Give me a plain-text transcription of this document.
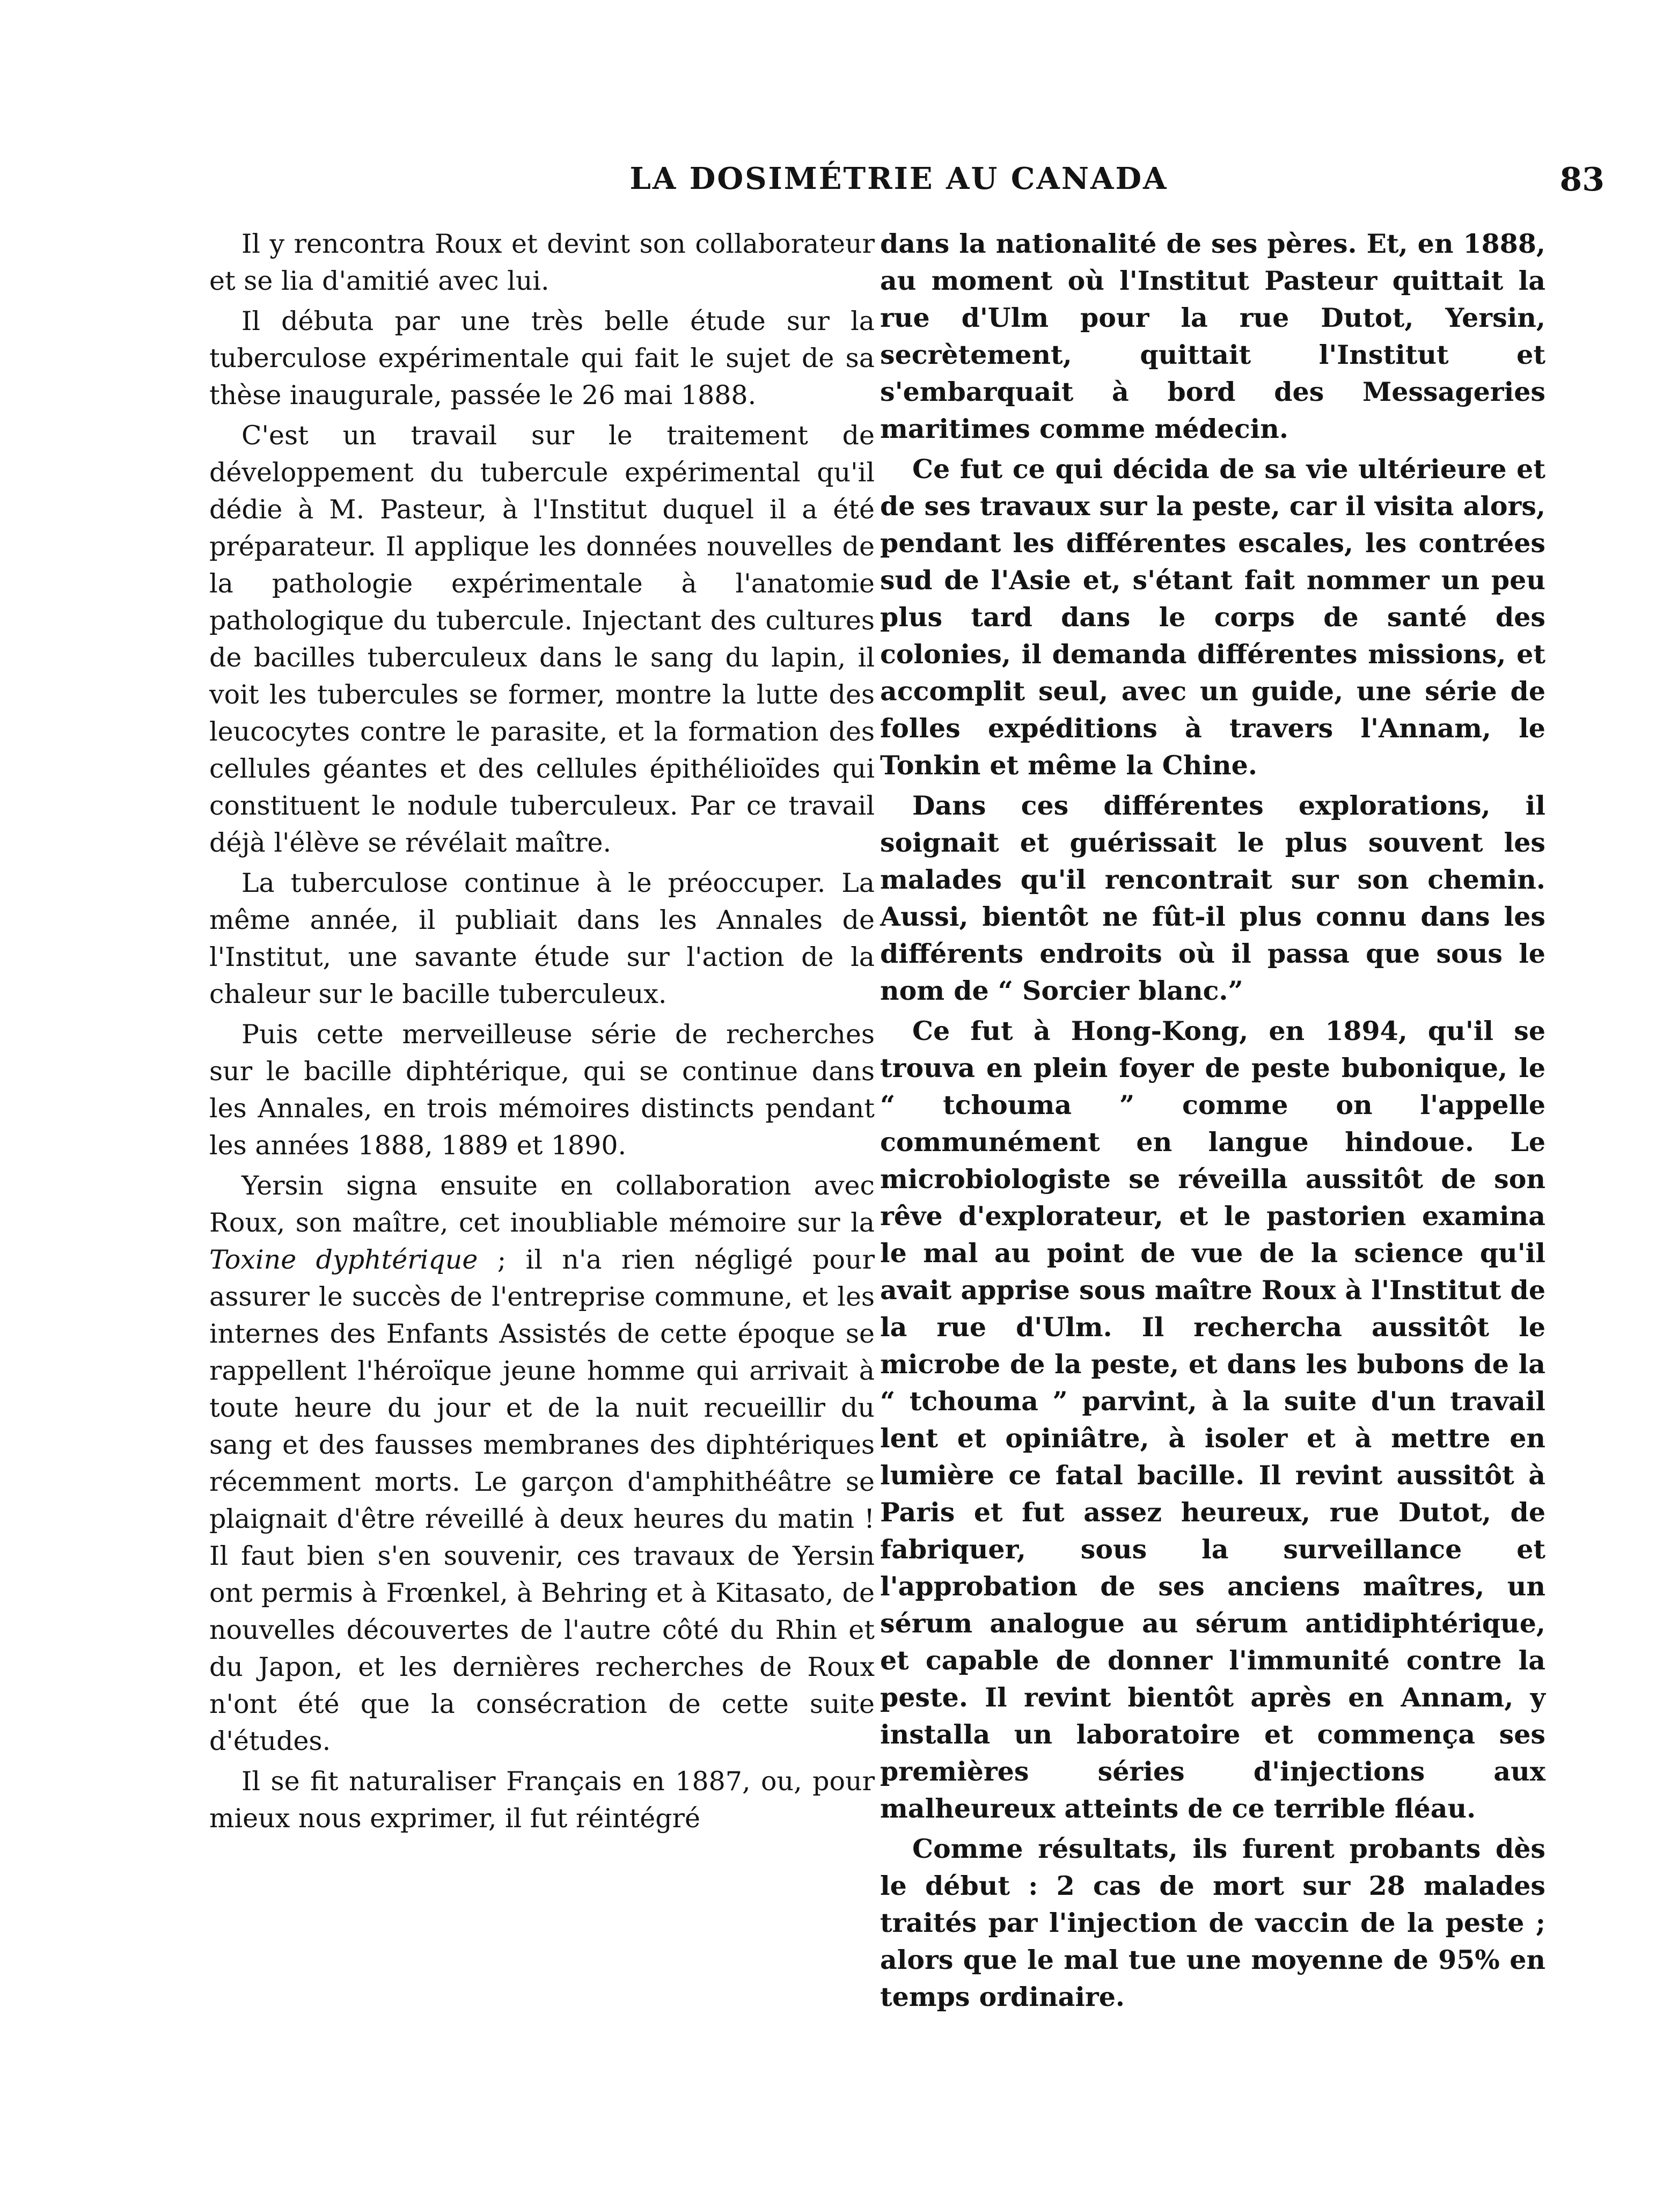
LA DOSIMÉTRIE AU CANADA	83

Il y rencontra Roux et devint son collaborateur et se lia d'amitié avec lui.

Il débuta par une très belle étude sur la tuberculose expérimentale qui fait le sujet de sa thèse inaugurale, passée le 26 mai 1888.

C'est un travail sur le traitement de développement du tubercule expérimental qu'il dédie à M. Pasteur, à l'Institut duquel il a été préparateur. Il applique les données nouvelles de la pathologie expérimentale à l'anatomie pathologique du tubercule. Injectant des cultures de bacilles tuberculeux dans le sang du lapin, il voit les tubercules se former, montre la lutte des leucocytes contre le parasite, et la formation des cellules géantes et des cellules épithélioïdes qui constituent le nodule tuberculeux. Par ce travail déjà l'élève se révélait maître.

La tuberculose continue à le préoccuper. La même année, il publiait dans les Annales de l'Institut, une savante étude sur l'action de la chaleur sur le bacille tuberculeux.

Puis cette merveilleuse série de recherches sur le bacille diphtérique, qui se continue dans les Annales, en trois mémoires distincts pendant les années 1888, 1889 et 1890.

Yersin signa ensuite en collaboration avec Roux, son maître, cet inoubliable mémoire sur la Toxine dyphtérique ; il n'a rien négligé pour assurer le succès de l'entreprise commune, et les internes des Enfants Assistés de cette époque se rappellent l'héroïque jeune homme qui arrivait à toute heure du jour et de la nuit recueillir du sang et des fausses membranes des diphtériques récemment morts. Le garçon d'amphithéâtre se plaignait d'être réveillé à deux heures du matin ! Il faut bien s'en souvenir, ces travaux de Yersin ont permis à Frœnkel, à Behring et à Kitasato, de nouvelles découvertes de l'autre côté du Rhin et du Japon, et les dernières recherches de Roux n'ont été que la consécration de cette suite d'études.

Il se fit naturaliser Français en 1887, ou, pour mieux nous exprimer, il fut réintégré

dans la nationalité de ses pères. Et, en 1888, au moment où l'Institut Pasteur quittait la rue d'Ulm pour la rue Dutot, Yersin, secrètement, quittait l'Institut et s'embarquait à bord des Messageries maritimes comme médecin.

Ce fut ce qui décida de sa vie ultérieure et de ses travaux sur la peste, car il visita alors, pendant les différentes escales, les contrées sud de l'Asie et, s'étant fait nommer un peu plus tard dans le corps de santé des colonies, il demanda différentes missions, et accomplit seul, avec un guide, une série de folles expéditions à travers l'Annam, le Tonkin et même la Chine.

Dans ces différentes explorations, il soignait et guérissait le plus souvent les malades qu'il rencontrait sur son chemin. Aussi, bientôt ne fût-il plus connu dans les différents endroits où il passa que sous le nom de “ Sorcier blanc.”

Ce fut à Hong-Kong, en 1894, qu'il se trouva en plein foyer de peste bubonique, le “ tchouma ” comme on l'appelle communément en langue hindoue. Le microbiologiste se réveilla aussitôt de son rêve d'explorateur, et le pastorien examina le mal au point de vue de la science qu'il avait apprise sous maître Roux à l'Institut de la rue d'Ulm. Il rechercha aussitôt le microbe de la peste, et dans les bubons de la “ tchouma ” parvint, à la suite d'un travail lent et opiniâtre, à isoler et à mettre en lumière ce fatal bacille. Il revint aussitôt à Paris et fut assez heureux, rue Dutot, de fabriquer, sous la surveillance et l'approbation de ses anciens maîtres, un sérum analogue au sérum antidiphtérique, et capable de donner l'immunité contre la peste. Il revint bientôt après en Annam, y installa un laboratoire et commença ses premières séries d'injections aux malheureux atteints de ce terrible fléau.

Comme résultats, ils furent probants dès le début : 2 cas de mort sur 28 malades traités par l'injection de vaccin de la peste ; alors que le mal tue une moyenne de 95% en temps ordinaire.
